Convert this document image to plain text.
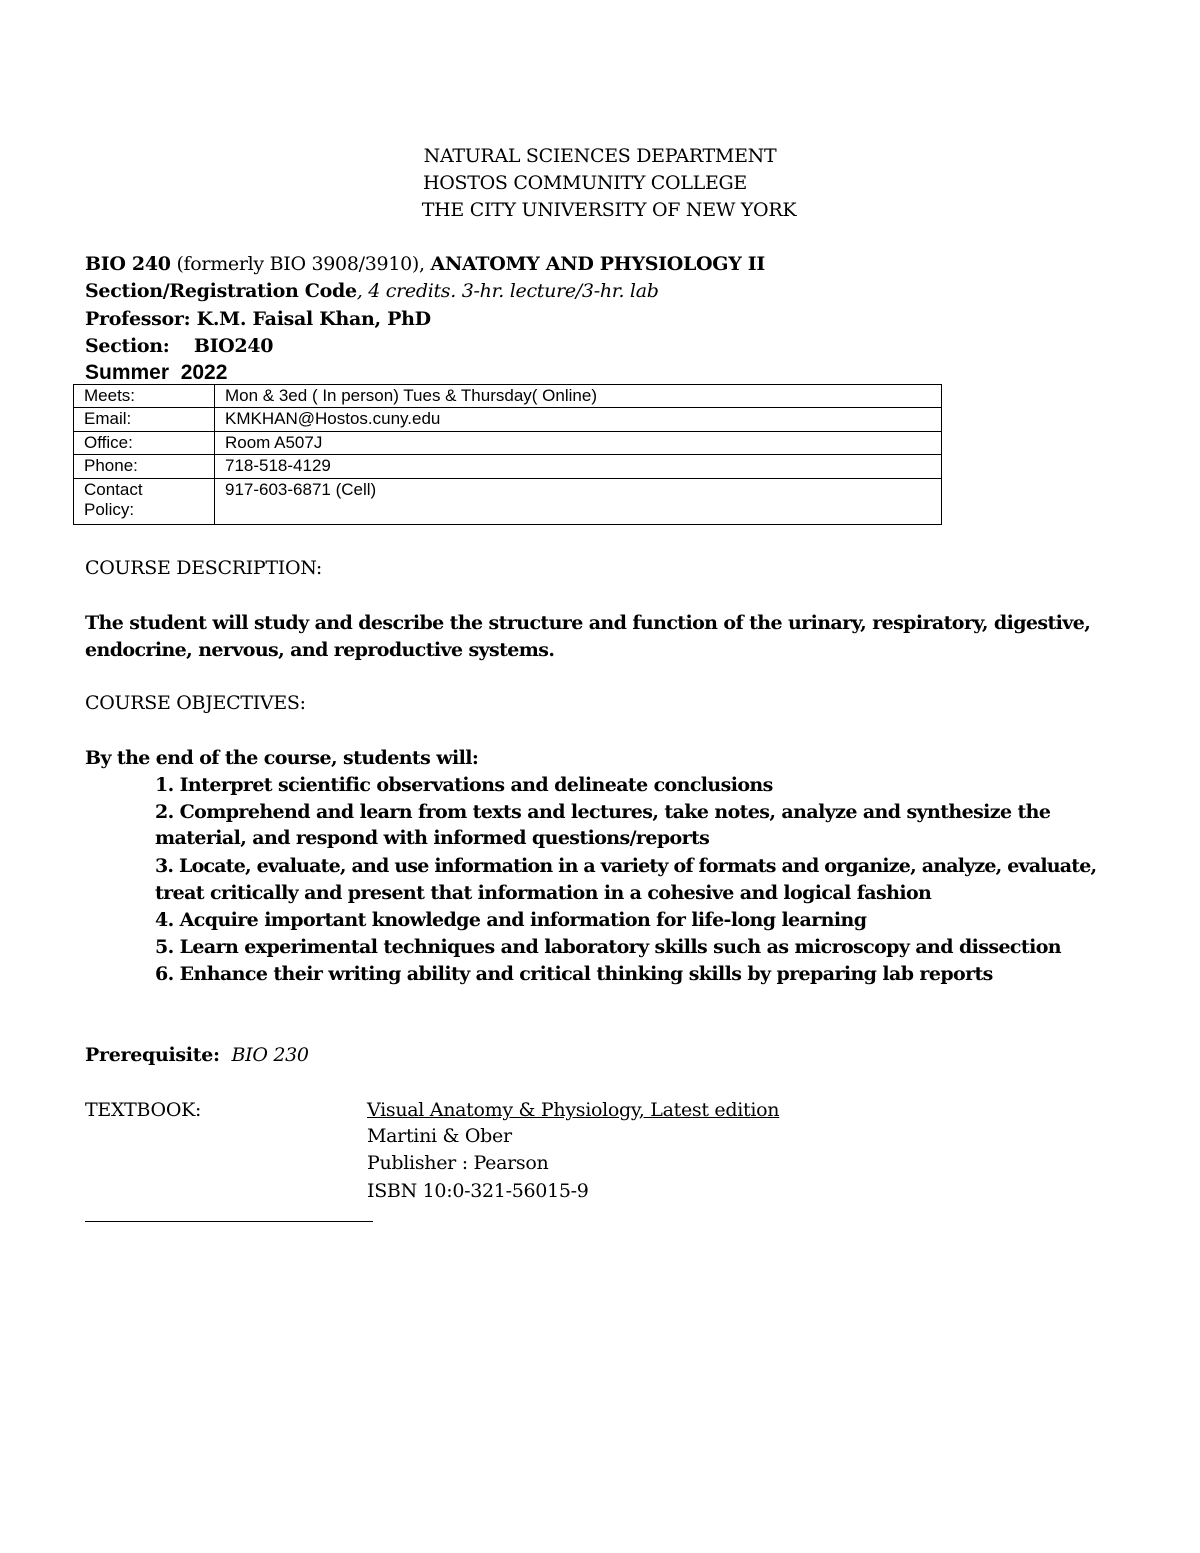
NATURAL SCIENCES DEPARTMENT
HOSTOS COMMUNITY COLLEGE
THE CITY UNIVERSITY OF NEW YORK
BIO 240 (formerly BIO 3908/3910), ANATOMY AND PHYSIOLOGY II
Section/Registration Code, 4 credits. 3-hr. lecture/3-hr. lab
Professor: K.M. Faisal Khan, PhD
Section: BIO240
Summer  2022
Meets:	Mon & 3ed ( In person) Tues & Thursday( Online)
Email:	KMKHAN@Hostos.cuny.edu
Office:	Room A507J
Phone:	718-518-4129

Contact
Policy:	917-603-6871 (Cell)
COURSE DESCRIPTION:
The student will study and describe the structure and function of the urinary, respiratory, digestive,
endocrine, nervous, and reproductive systems.
COURSE OBJECTIVES:
By the end of the course, students will:
1. Interpret scientific observations and delineate conclusions
2. Comprehend and learn from texts and lectures, take notes, analyze and synthesize the
material, and respond with informed questions/reports
3. Locate, evaluate, and use information in a variety of formats and organize, analyze, evaluate,
treat critically and present that information in a cohesive and logical fashion
4. Acquire important knowledge and information for life-long learning
5. Learn experimental techniques and laboratory skills such as microscopy and dissection
6. Enhance their writing ability and critical thinking skills by preparing lab reports
Prerequisite: BIO 230
TEXTBOOK:	Visual Anatomy & Physiology, Latest edition
Martini & Ober
Publisher : Pearson
ISBN 10:0-321-56015-9
